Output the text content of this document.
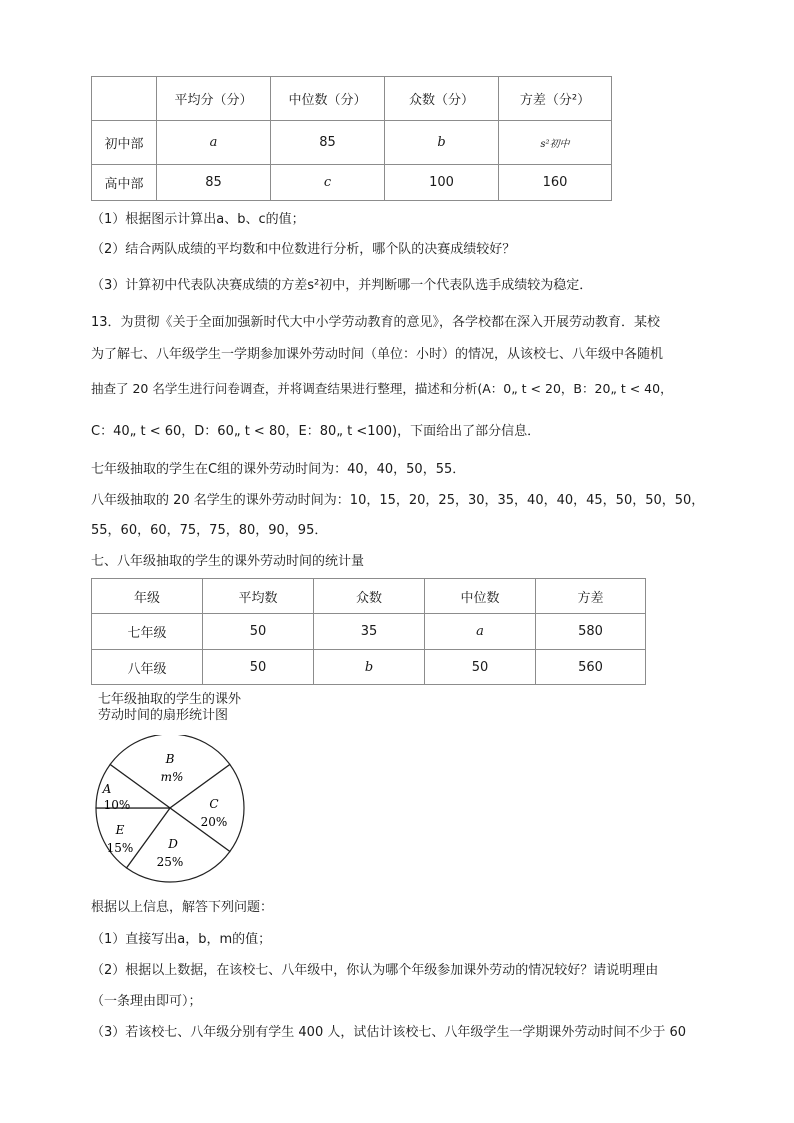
	平均分（分）	中位数（分）	众数（分）	方差（分²）
初中部	a	85	b	s²初中
高中部	85	c	100	160
（1）根据图示计算出a、b、c的值；
（2）结合两队成绩的平均数和中位数进行分析，哪个队的决赛成绩较好？
（3）计算初中代表队决赛成绩的方差s²初中，并判断哪一个代表队选手成绩较为稳定．
13．为贯彻《关于全面加强新时代大中小学劳动教育的意见》，各学校都在深入开展劳动教育．某校
为了解七、八年级学生一学期参加课外劳动时间（单位：小时）的情况，从该校七、八年级中各随机
抽查了 20 名学生进行问卷调查，并将调查结果进行整理，描述和分析(A：0„ t < 20，B：20„ t < 40，
C：40„ t < 60，D：60„ t < 80，E：80„ t <100)，下面给出了部分信息．
七年级抽取的学生在C组的课外劳动时间为：40，40，50，55．
八年级抽取的 20 名学生的课外劳动时间为：10，15，20，25，30，35，40，40，45，50，50，50，
55，60，60，75，75，80，90，95．
七、八年级抽取的学生的课外劳动时间的统计量
年级	平均数	众数	中位数	方差
七年级	50	35	a	580
八年级	50	b	50	560
七年级抽取的学生的课外
劳动时间的扇形统计图
B
m%
C
20%
D
25%
E
15%
A
10%
根据以上信息，解答下列问题：
（1）直接写出a，b，m的值；
（2）根据以上数据，在该校七、八年级中，你认为哪个年级参加课外劳动的情况较好？请说明理由
（一条理由即可）；
（3）若该校七、八年级分别有学生 400 人，试估计该校七、八年级学生一学期课外劳动时间不少于 60
